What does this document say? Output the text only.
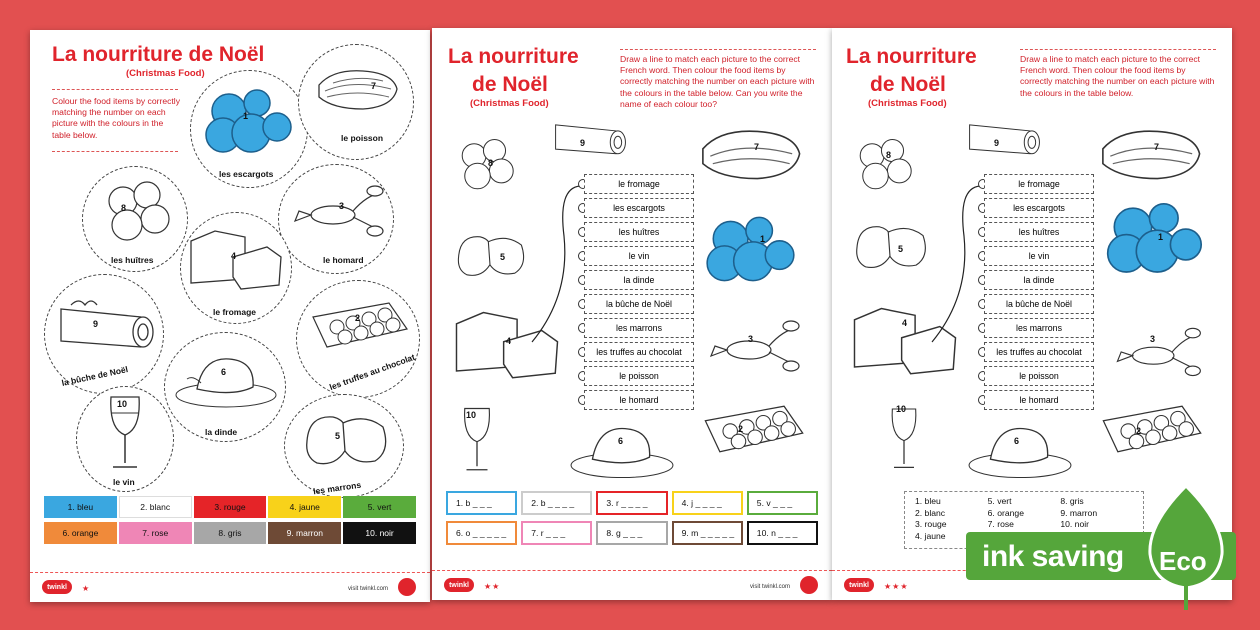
La nourriture de Noël
(Christmas Food)
Colour the food items by correctly matching the number on each picture with the colours in the table below.
1
les escargots
7
le poisson
8
les huîtres
3
le homard
4
le fromage
9
la bûche de Noël
2
les truffes au chocolat
6
la dinde
10
le vin
5
les marrons
1. bleu	2. blanc	3. rouge	4. jaune	5. vert
6. orange	7. rose	8. gris	9. marron	10. noir
twinkl	★	visit twinkl.com
La nourriture
de Noël
(Christmas Food)
Draw a line to match each picture to the correct French word. Then colour the food items by correctly matching the number on each picture with the colours in the table below. Can you write the name of each colour too?
8
9	7
5
1
4	3
10
6
2
le fromage
les escargots
les huîtres
le vin
la dinde
la bûche de Noël
les marrons
les truffes au chocolat
le poisson
le homard
1. b _ _ _	2. b _ _ _ _	3. r _ _ _ _	4. j _ _ _ _	5. v _ _ _
6. o _ _ _ _ _	7. r _ _ _	8. g _ _ _	9. m _ _ _ _ _	10. n _ _ _
twinkl	★★	visit twinkl.com
La nourriture
de Noël
(Christmas Food)
Draw a line to match each picture to the correct French word. Then colour the food items by correctly matching the number on each picture with the colours in the table below.
8
9	7
5
1
4
3
10
6
2
le fromage
les escargots
les huîtres
le vin
la dinde
la bûche de Noël
les marrons
les truffes au chocolat
le poisson
le homard
1. bleu
2. blanc
3. rouge
4. jaune
5. vert
6. orange
7. rose
8. gris
9. marron
10. noir
twinkl	★★★
ink saving Eco
